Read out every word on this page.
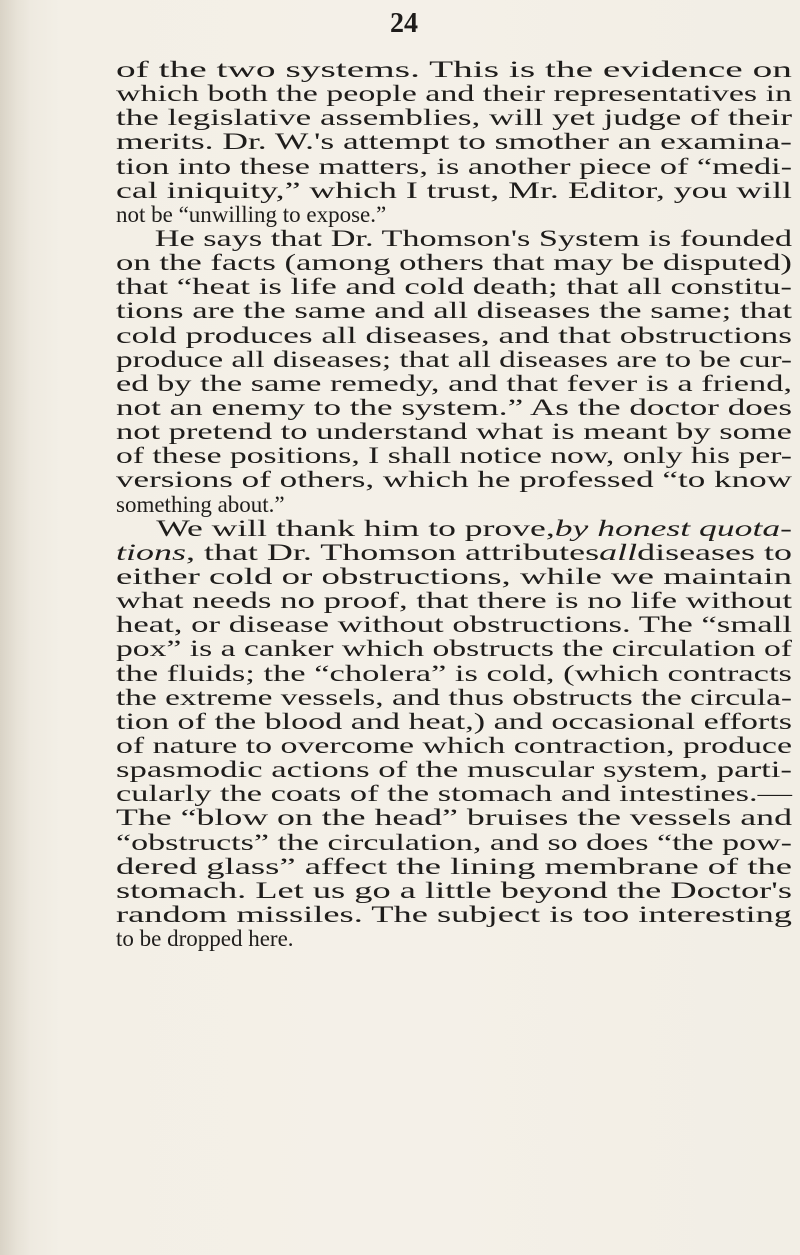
24
of the two systems. This is the evidence on
which both the people and their representatives in
the legislative assemblies, will yet judge of their
merits. Dr. W.'s attempt to smother an examina-
tion into these matters, is another piece of “medi-
cal iniquity,” which I trust, Mr. Editor, you will
not be “unwilling to expose.”
He says that Dr. Thomson's System is founded
on the facts (among others that may be disputed)
that “heat is life and cold death; that all constitu-
tions are the same and all diseases the same; that
cold produces all diseases, and that obstructions
produce all diseases; that all diseases are to be cur-
ed by the same remedy, and that fever is a friend,
not an enemy to the system.” As the doctor does
not pretend to understand what is meant by some
of these positions, I shall notice now, only his per-
versions of others, which he professed “to know
something about.”
We will thank him to prove,by honest quota-
tions, that Dr. Thomson attributesalldiseases to
either cold or obstructions, while we maintain
what needs no proof, that there is no life without
heat, or disease without obstructions. The “small
pox” is a canker which obstructs the circulation of
the fluids; the “cholera” is cold, (which contracts
the extreme vessels, and thus obstructs the circula-
tion of the blood and heat,) and occasional efforts
of nature to overcome which contraction, produce
spasmodic actions of the muscular system, parti-
cularly the coats of the stomach and intestines.—
The “blow on the head” bruises the vessels and
“obstructs” the circulation, and so does “the pow-
dered glass” affect the lining membrane of the
stomach. Let us go a little beyond the Doctor's
random missiles. The subject is too interesting
to be dropped here.
